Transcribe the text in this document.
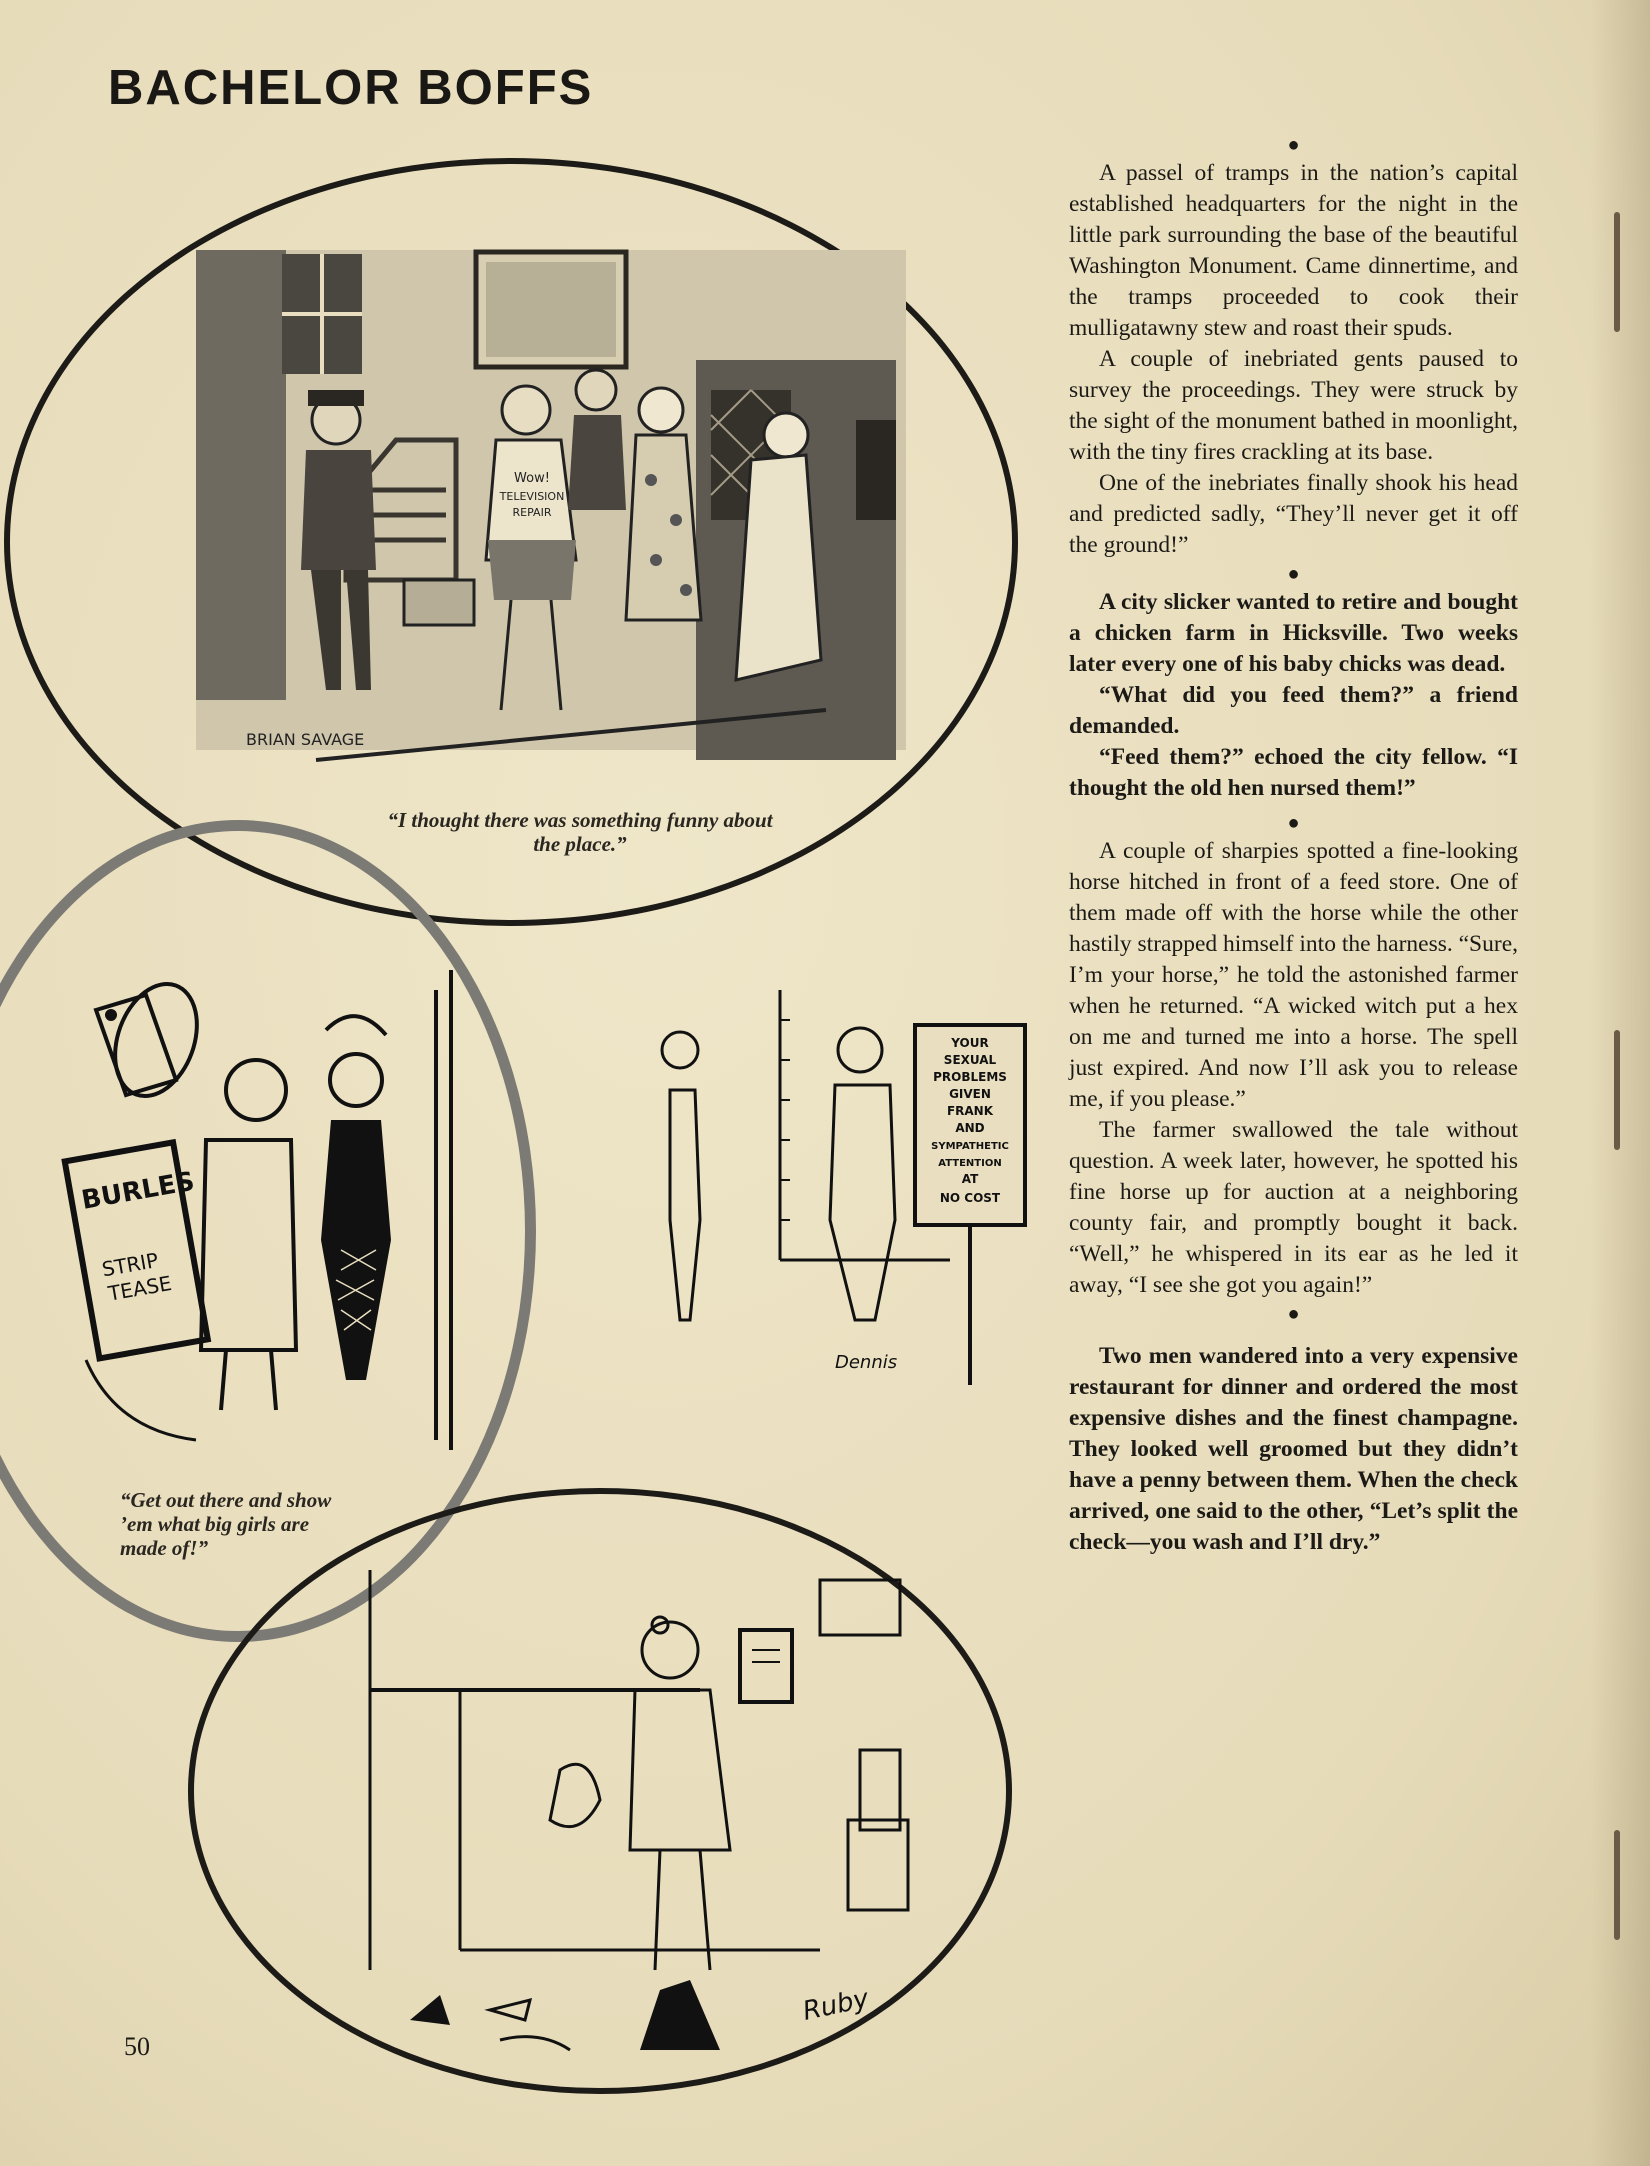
BACHELOR BOFFS
Wow!
TELEVISION
REPAIR
BRIAN SAVAGE
“I thought there was something funny about the place.”
BURLES
STRIP
TEASE
“Get out there and show ’em what big girls are made of!”
YOUR
SEXUAL
PROBLEMS
GIVEN
FRANK
AND
SYMPATHETIC
ATTENTION
AT
NO COST
Dennis
Ruby
●

A passel of tramps in the nation’s capital established headquarters for the night in the little park surrounding the base of the beautiful Washington Monument. Came dinnertime, and the tramps proceeded to cook their mulligatawny stew and roast their spuds.

A couple of inebriated gents paused to survey the proceedings. They were struck by the sight of the monument bathed in moonlight, with the tiny fires crackling at its base.

One of the inebriates finally shook his head and predicted sadly, “They’ll never get it off the ground!”

●

A city slicker wanted to retire and bought a chicken farm in Hicksville. Two weeks later every one of his baby chicks was dead.

“What did you feed them?” a friend demanded.

“Feed them?” echoed the city fellow. “I thought the old hen nursed them!”

●

A couple of sharpies spotted a fine-looking horse hitched in front of a feed store. One of them made off with the horse while the other hastily strapped himself into the harness. “Sure, I’m your horse,” he told the astonished farmer when he returned. “A wicked witch put a hex on me and turned me into a horse. The spell just expired. And now I’ll ask you to release me, if you please.”

The farmer swallowed the tale without question. A week later, however, he spotted his fine horse up for auction at a neighboring county fair, and promptly bought it back. “Well,” he whispered in its ear as he led it away, “I see she got you again!”

●

Two men wandered into a very expensive restaurant for dinner and ordered the most expensive dishes and the finest champagne. They looked well groomed but they didn’t have a penny between them. When the check arrived, one said to the other, “Let’s split the check—you wash and I’ll dry.”

50
